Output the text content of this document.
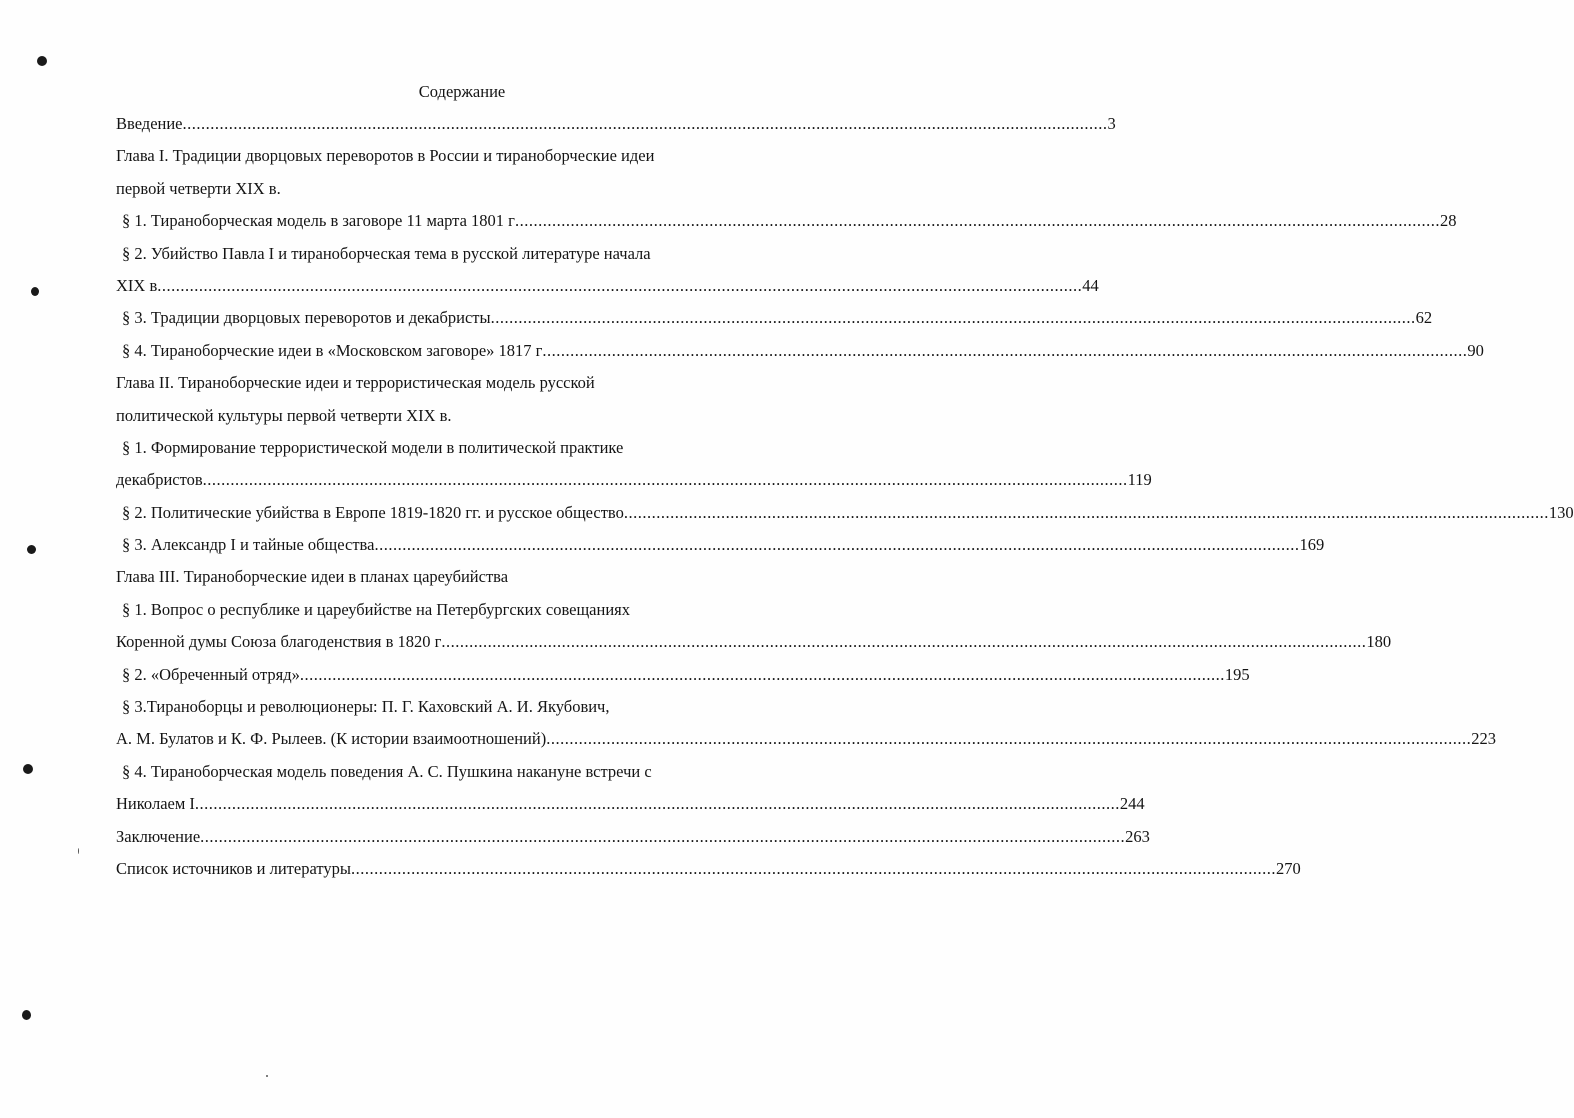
Содержание
Введение ........................................................................................................................................................................................................ 3
Глава I. Традиции дворцовых переворотов в России и тираноборческие идеи
первой четверти XIX в.
§ 1. Тираноборческая модель в заговоре 11 марта 1801 г ........................................................................................................................................................................................................ 28
§ 2. Убийство Павла I и тираноборческая тема в русской литературе начала
XIX в ........................................................................................................................................................................................................ 44
§ 3. Традиции дворцовых переворотов и декабристы ........................................................................................................................................................................................................ 62
§ 4. Тираноборческие идеи в «Московском заговоре» 1817 г ........................................................................................................................................................................................................ 90
Глава II. Тираноборческие идеи и террористическая модель русской
политической культуры первой четверти XIX в.
§ 1. Формирование террористической модели в политической практике
декабристов ........................................................................................................................................................................................................ 119
§ 2. Политические убийства в Европе 1819-1820 гг. и русское общество ........................................................................................................................................................................................................ 130
§ 3. Александр I и тайные общества ........................................................................................................................................................................................................ 169
Глава III. Тираноборческие идеи в планах цареубийства
§ 1. Вопрос о республике и цареубийстве на Петербургских совещаниях
Коренной думы Союза благоденствия в 1820 г ........................................................................................................................................................................................................ 180
§ 2. «Обреченный отряд» ........................................................................................................................................................................................................ 195
§ 3.Тираноборцы и революционеры: П. Г. Каховский А. И. Якубович,
А. М. Булатов и К. Ф. Рылеев. (К истории взаимоотношений) ........................................................................................................................................................................................................ 223
§ 4. Тираноборческая модель поведения А. С. Пушкина накануне встречи с
Николаем I ........................................................................................................................................................................................................ 244
Заключение ........................................................................................................................................................................................................ 263
Список источников и литературы ........................................................................................................................................................................................................ 270
